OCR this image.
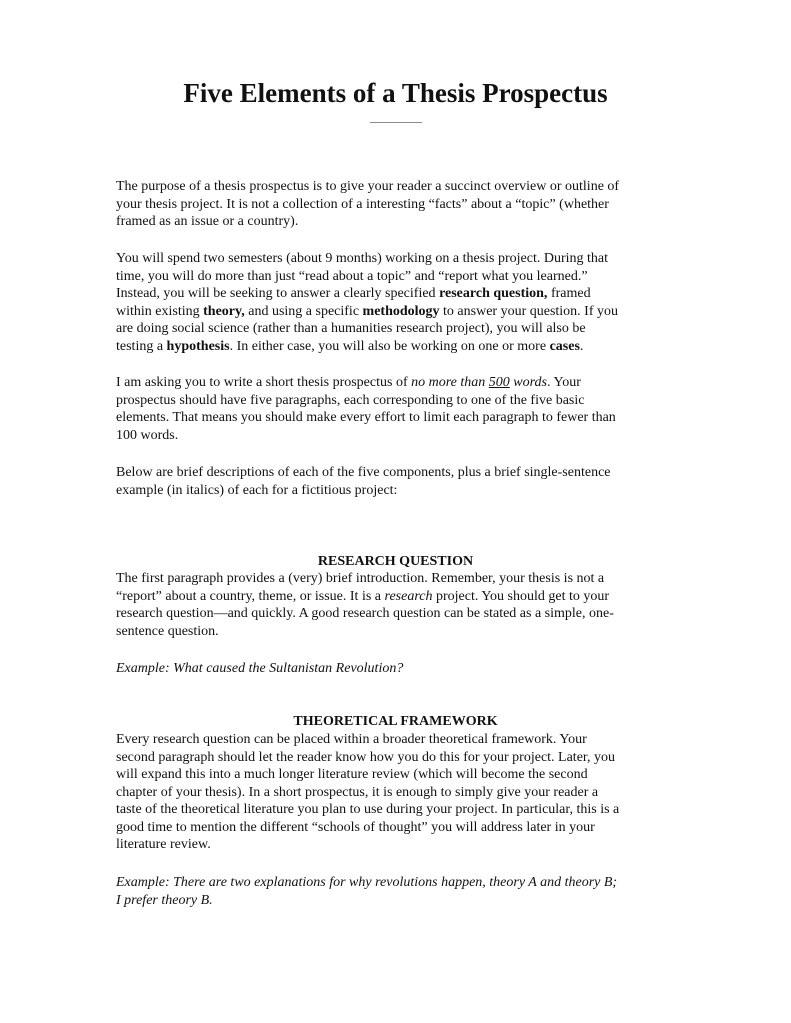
Five Elements of a Thesis Prospectus

The purpose of a thesis prospectus is to give your reader a succinct overview or outline of
your thesis project. It is not a collection of a interesting “facts” about a “topic” (whether
framed as an issue or a country).

You will spend two semesters (about 9 months) working on a thesis project. During that
time, you will do more than just “read about a topic” and “report what you learned.”
Instead, you will be seeking to answer a clearly specified research question, framed
within existing theory, and using a specific methodology to answer your question. If you
are doing social science (rather than a humanities research project), you will also be
testing a hypothesis. In either case, you will also be working on one or more cases.

I am asking you to write a short thesis prospectus of no more than 500 words. Your
prospectus should have five paragraphs, each corresponding to one of the five basic
elements. That means you should make every effort to limit each paragraph to fewer than
100 words.

Below are brief descriptions of each of the five components, plus a brief single-sentence
example (in italics) of each for a fictitious project:

RESEARCH QUESTION

The first paragraph provides a (very) brief introduction. Remember, your thesis is not a
“report” about a country, theme, or issue. It is a research project. You should get to your
research question—and quickly. A good research question can be stated as a simple, one-
sentence question.

Example: What caused the Sultanistan Revolution?

THEORETICAL FRAMEWORK

Every research question can be placed within a broader theoretical framework. Your
second paragraph should let the reader know how you do this for your project. Later, you
will expand this into a much longer literature review (which will become the second
chapter of your thesis). In a short prospectus, it is enough to simply give your reader a
taste of the theoretical literature you plan to use during your project. In particular, this is a
good time to mention the different “schools of thought” you will address later in your
literature review.

Example: There are two explanations for why revolutions happen, theory A and theory B;
I prefer theory B.
